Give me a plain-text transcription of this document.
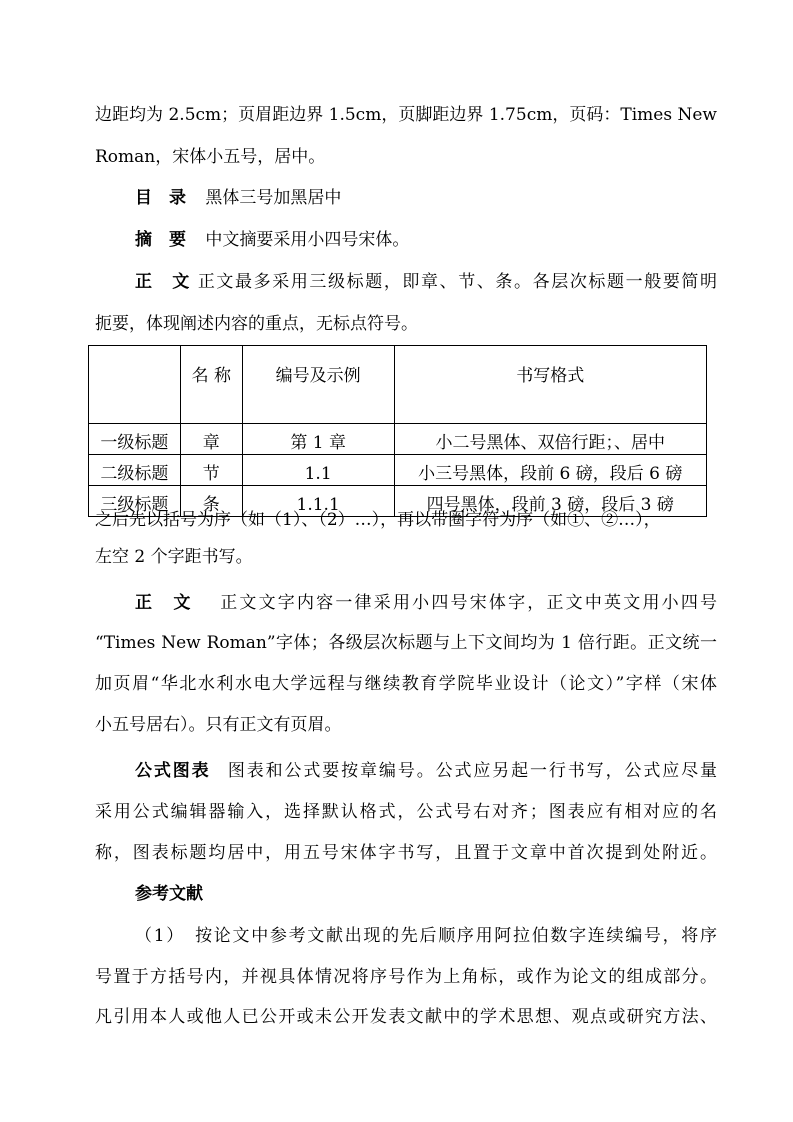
边距均为 2.5cm；页眉距边界 1.5cm，页脚距边界 1.75cm，页码：Times New
Roman，宋体小五号，居中。
目　录 黑体三号加黑居中
摘　要 中文摘要采用小四号宋体。
正　文 正文最多采用三级标题，即章、节、条。各层次标题一般要简明
扼要，体现阐述内容的重点，无标点符号。
	名 称	编号及示例	书写格式
一级标题	章	第 1 章	小二号黑体、双倍行距；、居中
二级标题	节	1.1	小三号黑体，段前 6 磅，段后 6 磅
三级标题	条	1.1.1	四号黑体，段前 3 磅，段后 3 磅
之后先以括号为序（如（1）、（2）…），再以带圈字符为序（如①、②…），
左空 2 个字距书写。
正　文 正文文字内容一律采用小四号宋体字，正文中英文用小四号
“Times New Roman”字体；各级层次标题与上下文间均为 1 倍行距。正文统一
加页眉“华北水利水电大学远程与继续教育学院毕业设计（论文）”字样（宋体
小五号居右）。只有正文有页眉。
公式图表 图表和公式要按章编号。公式应另起一行书写，公式应尽量
采用公式编辑器输入，选择默认格式，公式号右对齐；图表应有相对应的名
称，图表标题均居中，用五号宋体字书写，且置于文章中首次提到处附近。
参考文献
（1）　按论文中参考文献出现的先后顺序用阿拉伯数字连续编号，将序
号置于方括号内，并视具体情况将序号作为上角标，或作为论文的组成部分。
凡引用本人或他人已公开或未公开发表文献中的学术思想、观点或研究方法、
